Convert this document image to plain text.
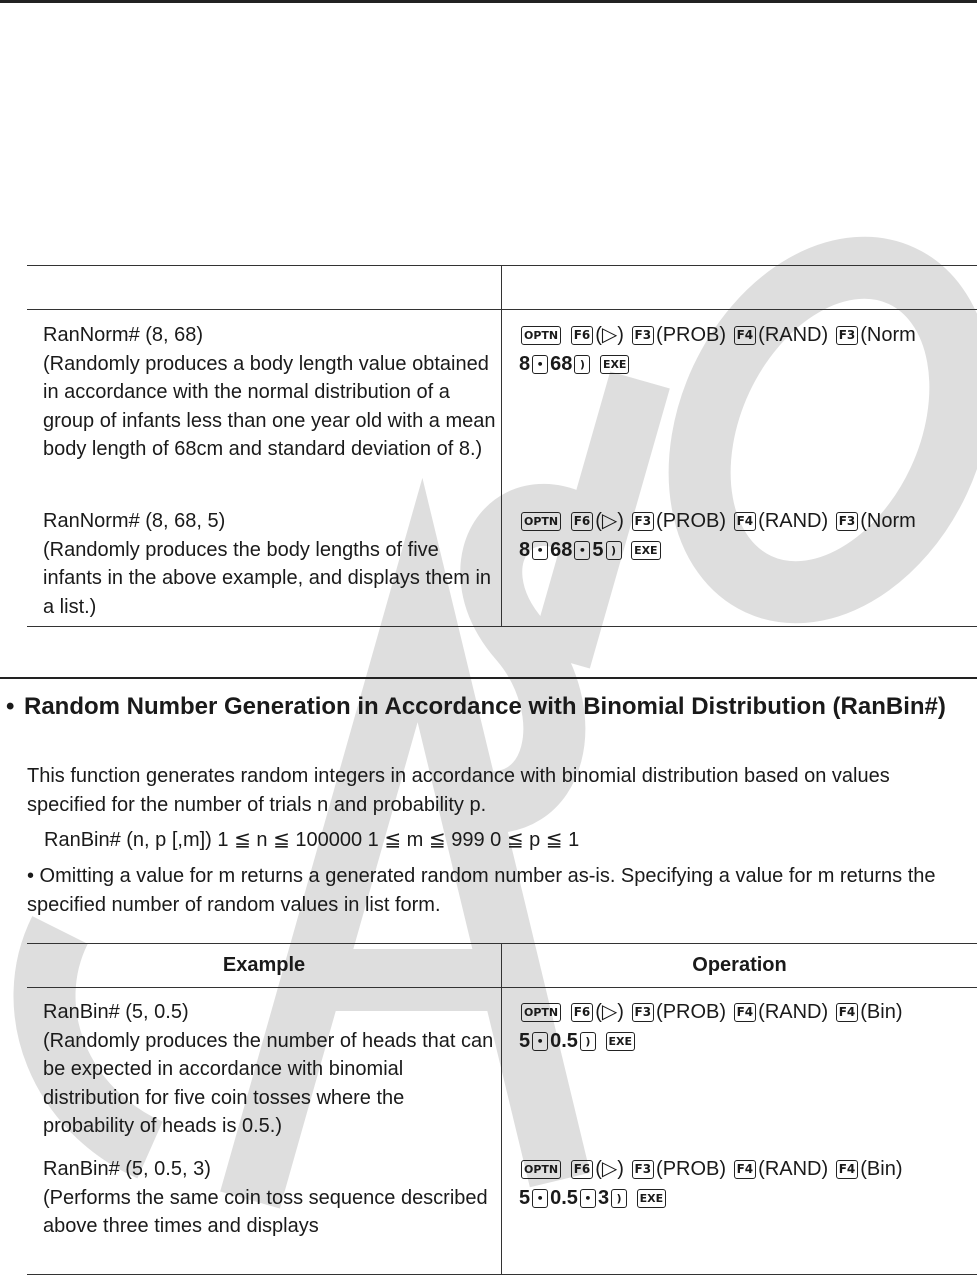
RanNorm# (8, 68)
(Randomly produces a body length value obtained in accordance with the normal distribution of a group of infants less than one year old with a mean body length of 68cm and standard deviation of 8.)
OPTN F6 (▷) F3 (PROB) F4 (RAND) F3 (Norm
8 • 68 ) EXE
RanNorm# (8, 68, 5)
(Randomly produces the body lengths of five infants in the above example, and displays them in a list.)
OPTN F6 (▷) F3 (PROB) F4 (RAND) F3 (Norm
8 • 68 • 5 ) EXE
• Random Number Generation in Accordance with Binomial Distribution (RanBin#)
This function generates random integers in accordance with binomial distribution based on values specified for the number of trials n and probability p.
RanBin# (n, p [,m]) 1 ≦ n ≦ 100000 1 ≦ m ≦ 999 0 ≦ p ≦ 1
• Omitting a value for m returns a generated random number as-is. Specifying a value for m returns the specified number of random values in list form.
Example	Operation
RanBin# (5, 0.5)
(Randomly produces the number of heads that can be expected in accordance with binomial distribution for five coin tosses where the probability of heads is 0.5.)
OPTN F6 (▷) F3 (PROB) F4 (RAND) F4 (Bin)
5 • 0.5 ) EXE
RanBin# (5, 0.5, 3)
(Performs the same coin toss sequence described above three times and displays
OPTN F6 (▷) F3 (PROB) F4 (RAND) F4 (Bin)
5 • 0.5 • 3 ) EXE
